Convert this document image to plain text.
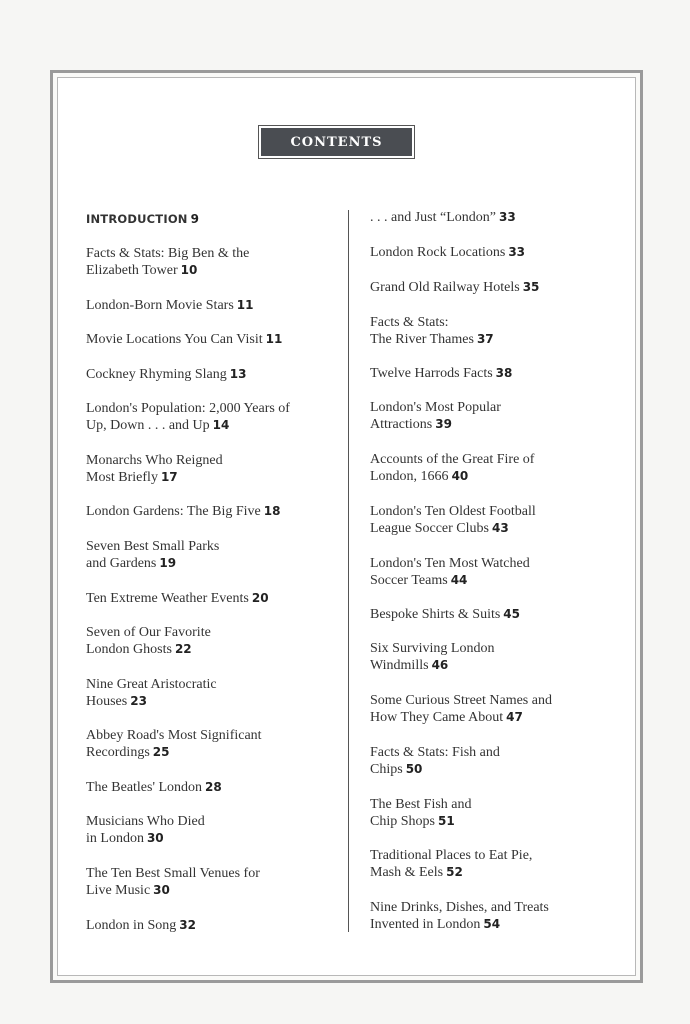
CONTENTS
INTRODUCTION 9
Facts & Stats: Big Ben & the
Elizabeth Tower 10
London-Born Movie Stars 11
Movie Locations You Can Visit 11
Cockney Rhyming Slang 13
London's Population: 2,000 Years of
Up, Down . . . and Up 14
Monarchs Who Reigned
Most Briefly 17
London Gardens: The Big Five 18
Seven Best Small Parks
and Gardens 19
Ten Extreme Weather Events 20
Seven of Our Favorite
London Ghosts 22
Nine Great Aristocratic
Houses 23
Abbey Road's Most Significant
Recordings 25
The Beatles' London 28
Musicians Who Died
in London 30
The Ten Best Small Venues for
Live Music 30
London in Song 32
. . . and Just “London” 33
London Rock Locations 33
Grand Old Railway Hotels 35
Facts & Stats:
The River Thames 37
Twelve Harrods Facts 38
London's Most Popular
Attractions 39
Accounts of the Great Fire of
London, 1666 40
London's Ten Oldest Football
League Soccer Clubs 43
London's Ten Most Watched
Soccer Teams 44
Bespoke Shirts & Suits 45
Six Surviving London
Windmills 46
Some Curious Street Names and
How They Came About 47
Facts & Stats: Fish and
Chips 50
The Best Fish and
Chip Shops 51
Traditional Places to Eat Pie,
Mash & Eels 52
Nine Drinks, Dishes, and Treats
Invented in London 54
